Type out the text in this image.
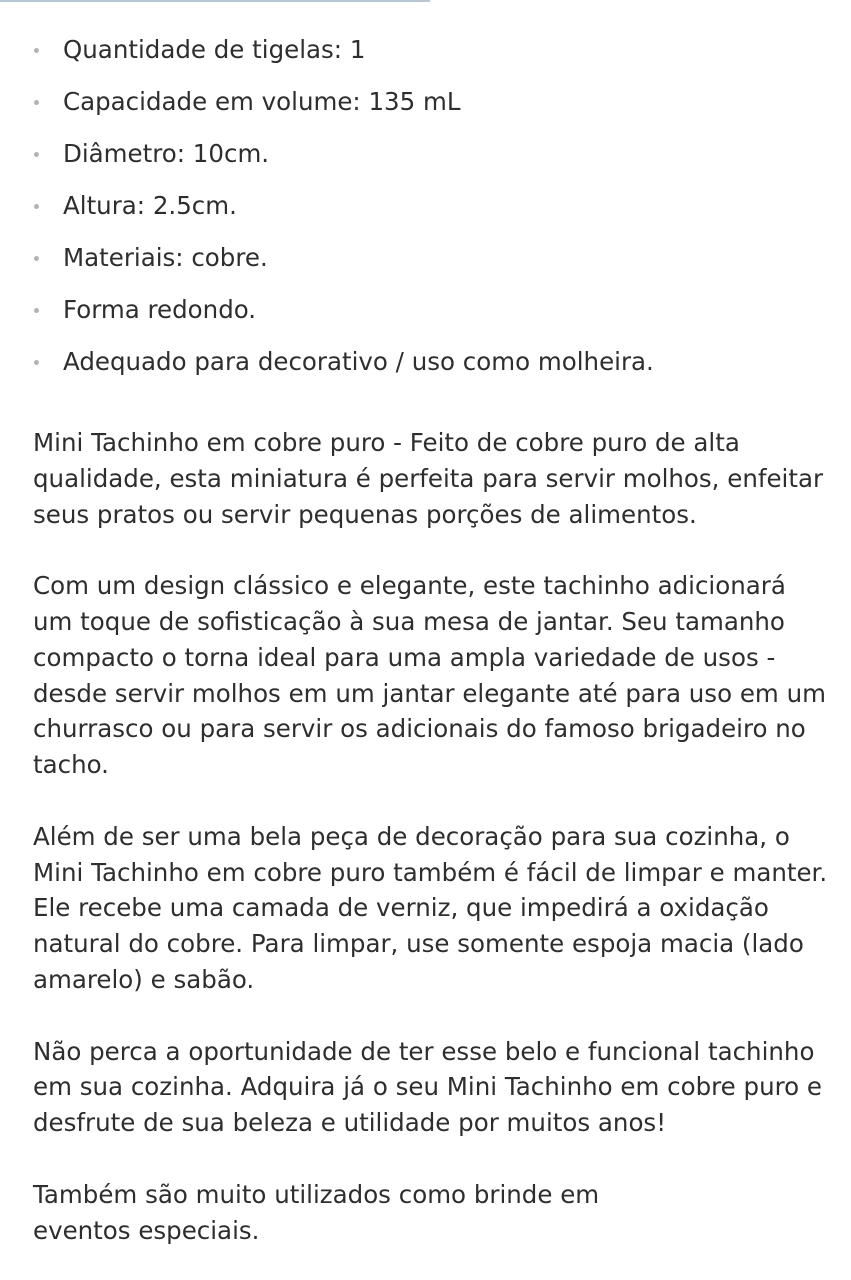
Quantidade de tigelas: 1
Capacidade em volume: 135 mL
Diâmetro: 10cm.
Altura: 2.5cm.
Materiais: cobre.
Forma redondo.
Adequado para decorativo / uso como molheira.

Mini Tachinho em cobre puro - Feito de cobre puro de alta
qualidade, esta miniatura é perfeita para servir molhos, enfeitar
seus pratos ou servir pequenas porções de alimentos.

Com um design clássico e elegante, este tachinho adicionará
um toque de sofisticação à sua mesa de jantar. Seu tamanho
compacto o torna ideal para uma ampla variedade de usos -
desde servir molhos em um jantar elegante até para uso em um
churrasco ou para servir os adicionais do famoso brigadeiro no
tacho.

Além de ser uma bela peça de decoração para sua cozinha, o
Mini Tachinho em cobre puro também é fácil de limpar e manter.
Ele recebe uma camada de verniz, que impedirá a oxidação
natural do cobre. Para limpar, use somente espoja macia (lado
amarelo) e sabão.

Não perca a oportunidade de ter esse belo e funcional tachinho
em sua cozinha. Adquira já o seu Mini Tachinho em cobre puro e
desfrute de sua beleza e utilidade por muitos anos!

Também são muito utilizados como brinde em
eventos especiais.
